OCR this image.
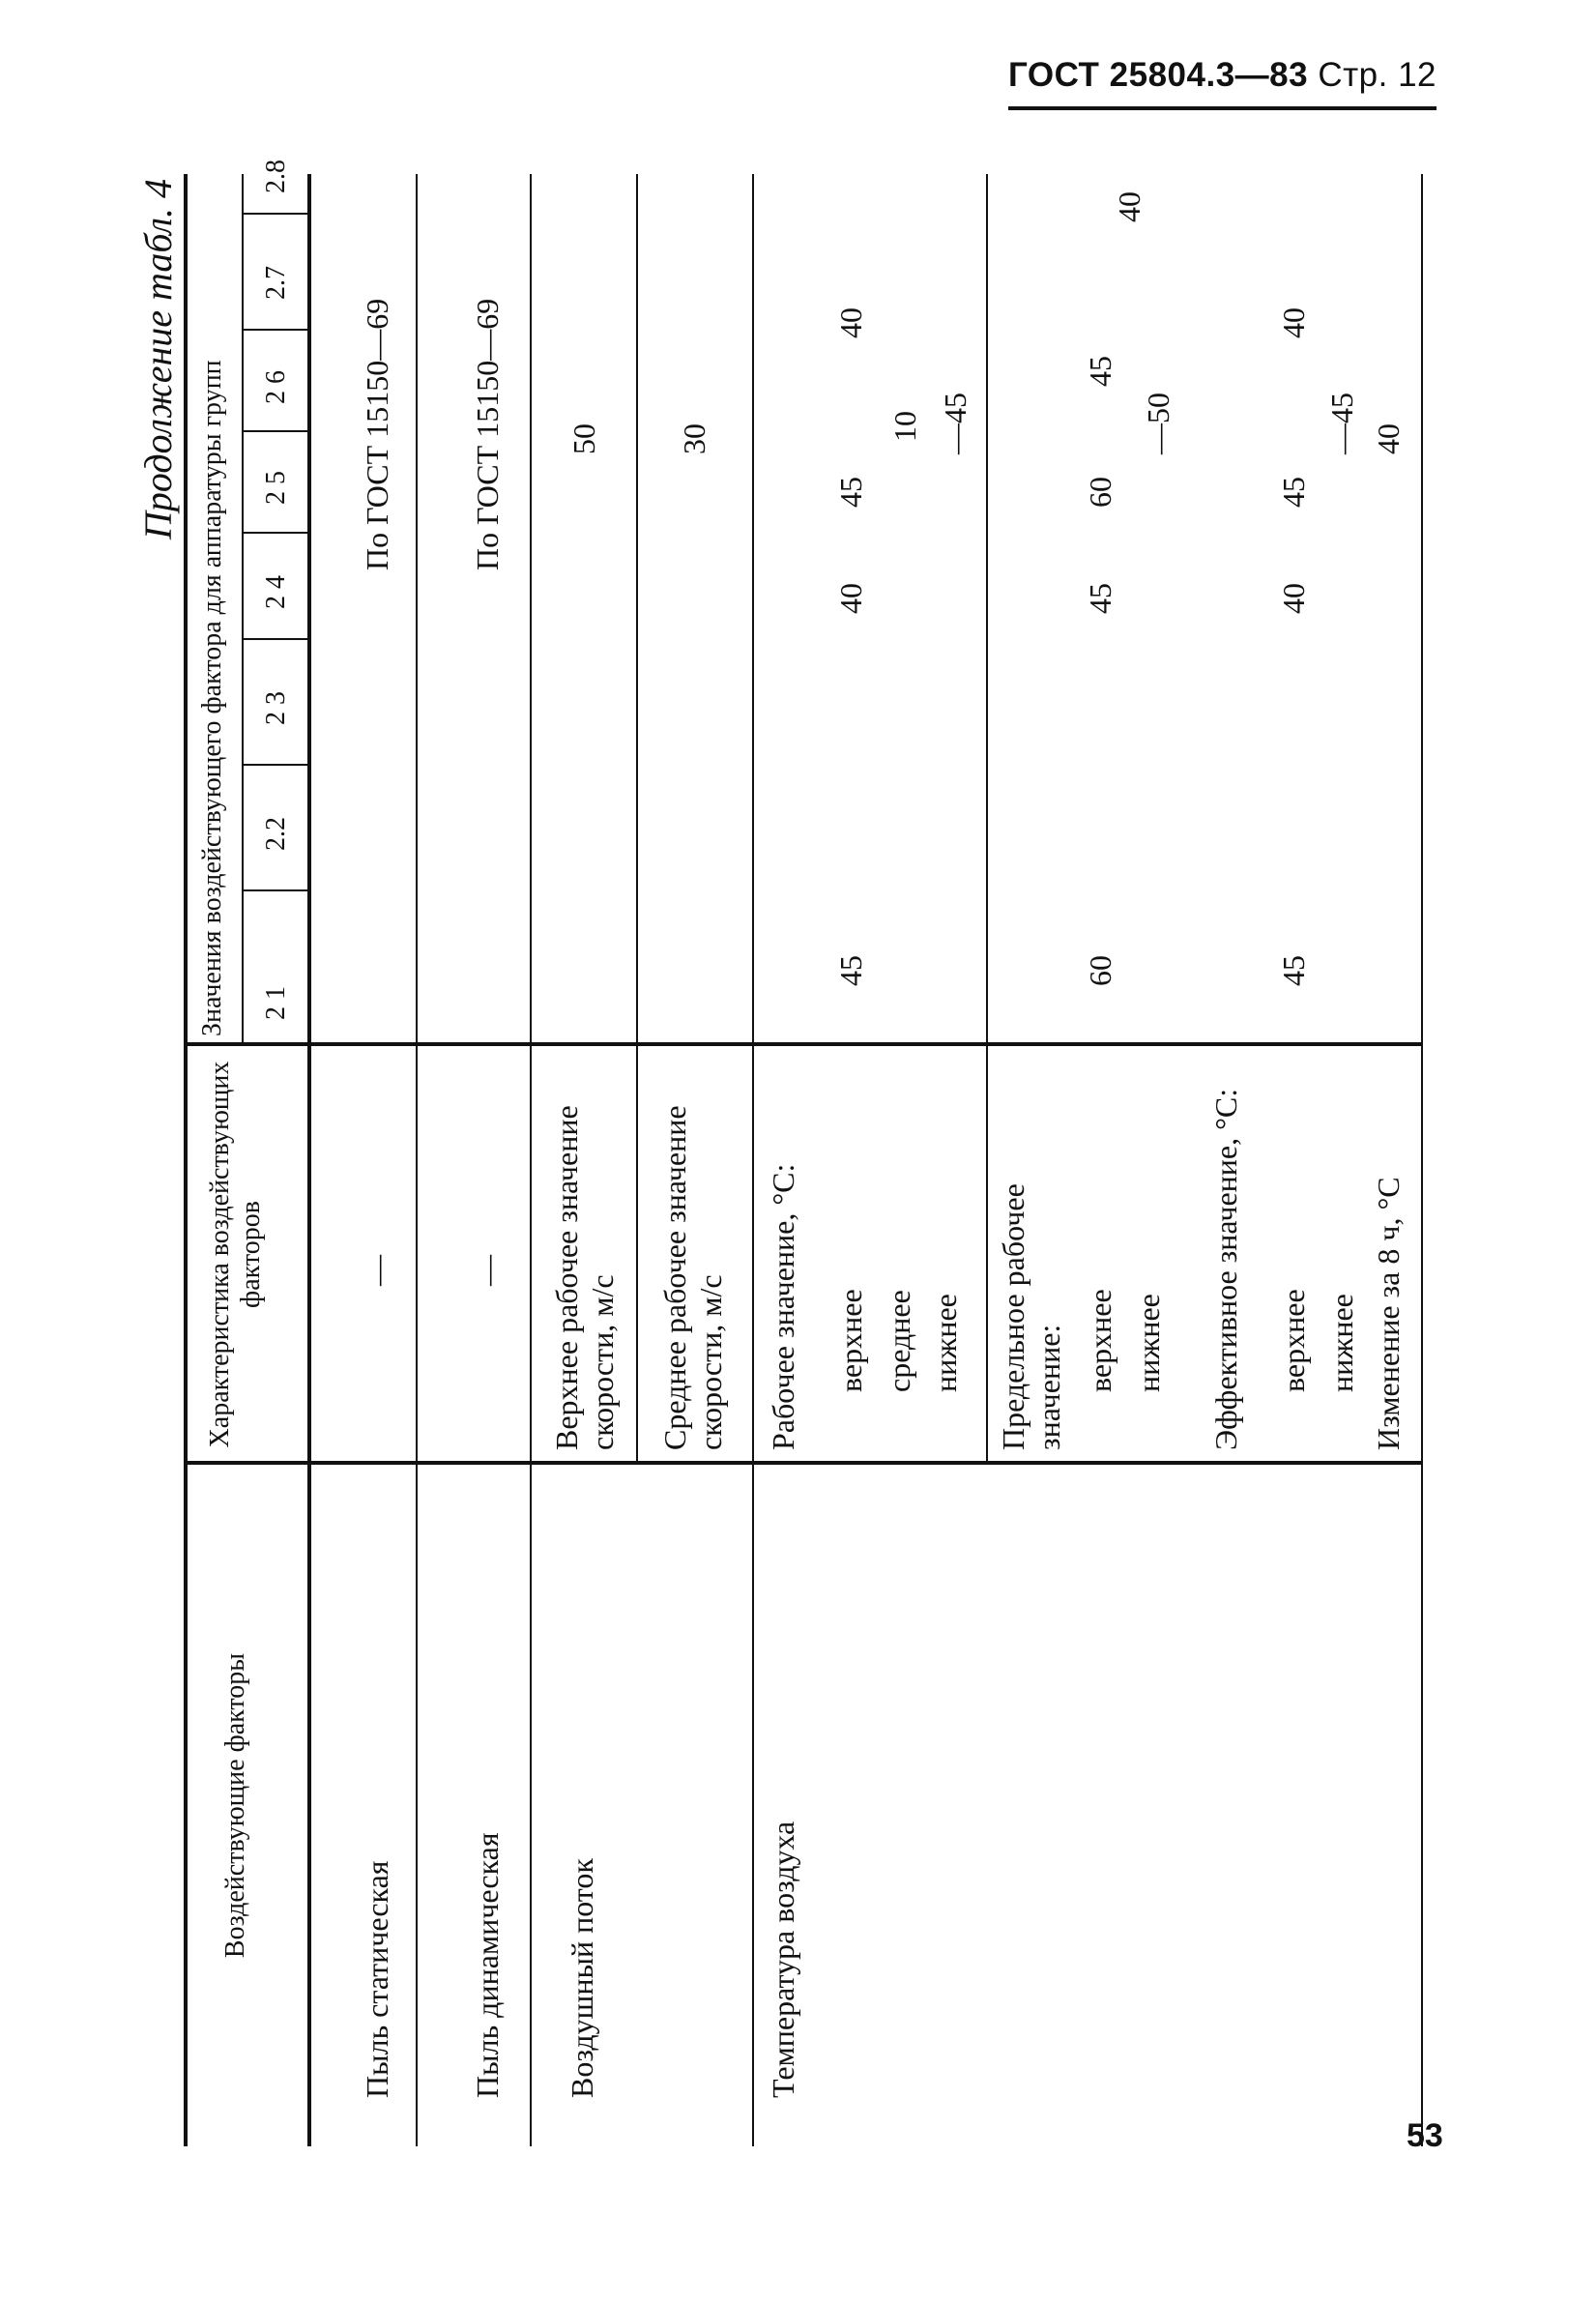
ГОСТ 25804.3—83 Стр. 12
Продолжение табл. 4
Воздействующие факторы
Характеристика воздействующих факторов
Значения воздействующего фактора для аппаратуры групп 2 1
2.2
2 3
2 4
2 5
2 6
2.7
2.8
Пыль статическая
—
По ГОСТ 15150—69
Пыль динамическая
—
По ГОСТ 15150—69
Воздушный поток
Верхнее рабочее значение скорости, м/с
50
Среднее рабочее значение скорости, м/с
30
Температура воздуха
Рабочее значение, °С: верхнее среднее нижнее
45
40
45
40
10 —45
Предельное рабочее значение: верхнее нижнее
60
45
60
45
40
—50
Эффективное значение, °С: верхнее нижнее
45
40
45
40
—45
Изменение за 8 ч, °С
40
53
